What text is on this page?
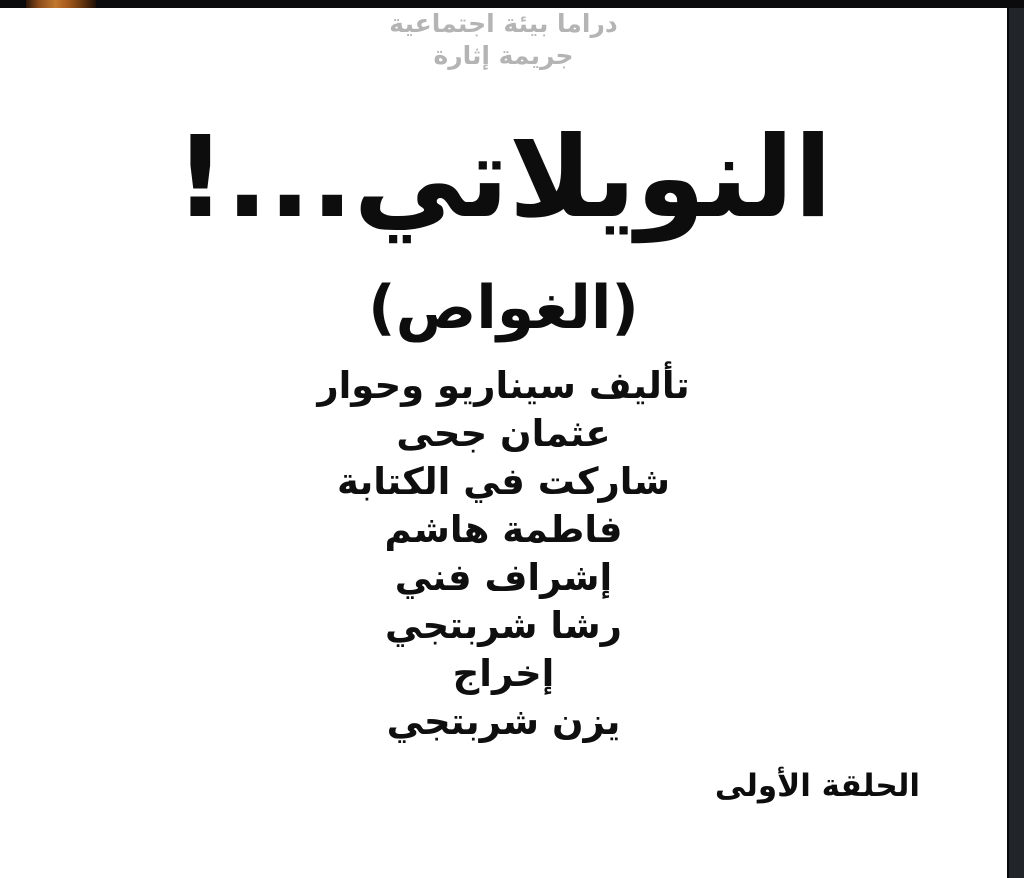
دراما بيئة اجتماعية
جريمة إثارة
النويلاتي...!
(الغواص)
تأليف سيناريو وحوار
عثمان جحى
شاركت في الكتابة
فاطمة هاشم
إشراف فني
رشا شربتجي
إخراج
يزن شربتجي
الحلقة الأولى
